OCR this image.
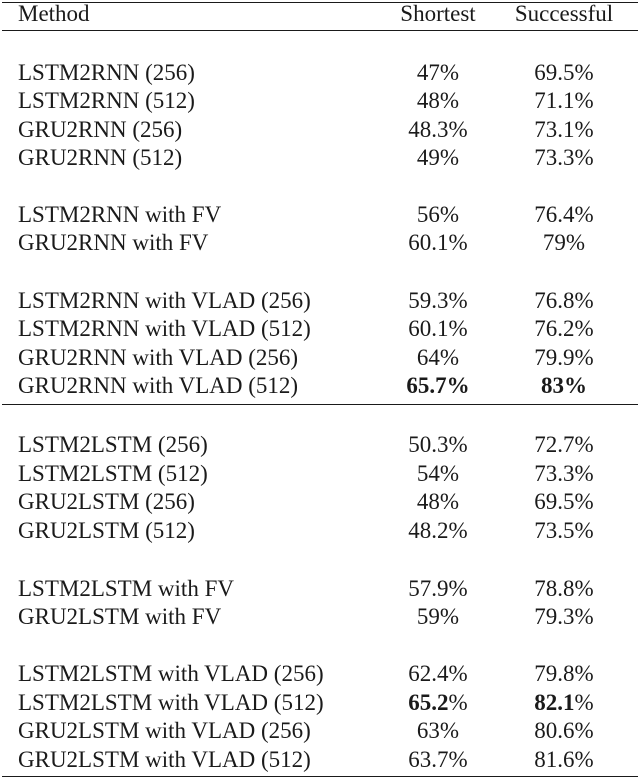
Method	Shortest	Successful
LSTM2RNN (256)	47%	69.5%
LSTM2RNN (512)	48%	71.1%
GRU2RNN (256)	48.3%	73.1%
GRU2RNN (512)	49%	73.3%
LSTM2RNN with FV	56%	76.4%
GRU2RNN with FV	60.1%	79%
LSTM2RNN with VLAD (256)	59.3%	76.8%
LSTM2RNN with VLAD (512)	60.1%	76.2%
GRU2RNN with VLAD (256)	64%	79.9%
GRU2RNN with VLAD (512)	65.7%	83%
LSTM2LSTM (256)	50.3%	72.7%
LSTM2LSTM (512)	54%	73.3%
GRU2LSTM (256)	48%	69.5%
GRU2LSTM (512)	48.2%	73.5%
LSTM2LSTM with FV	57.9%	78.8%
GRU2LSTM with FV	59%	79.3%
LSTM2LSTM with VLAD (256)	62.4%	79.8%
LSTM2LSTM with VLAD (512)	65.2%	82.1%
GRU2LSTM with VLAD (256)	63%	80.6%
GRU2LSTM with VLAD (512)	63.7%	81.6%
